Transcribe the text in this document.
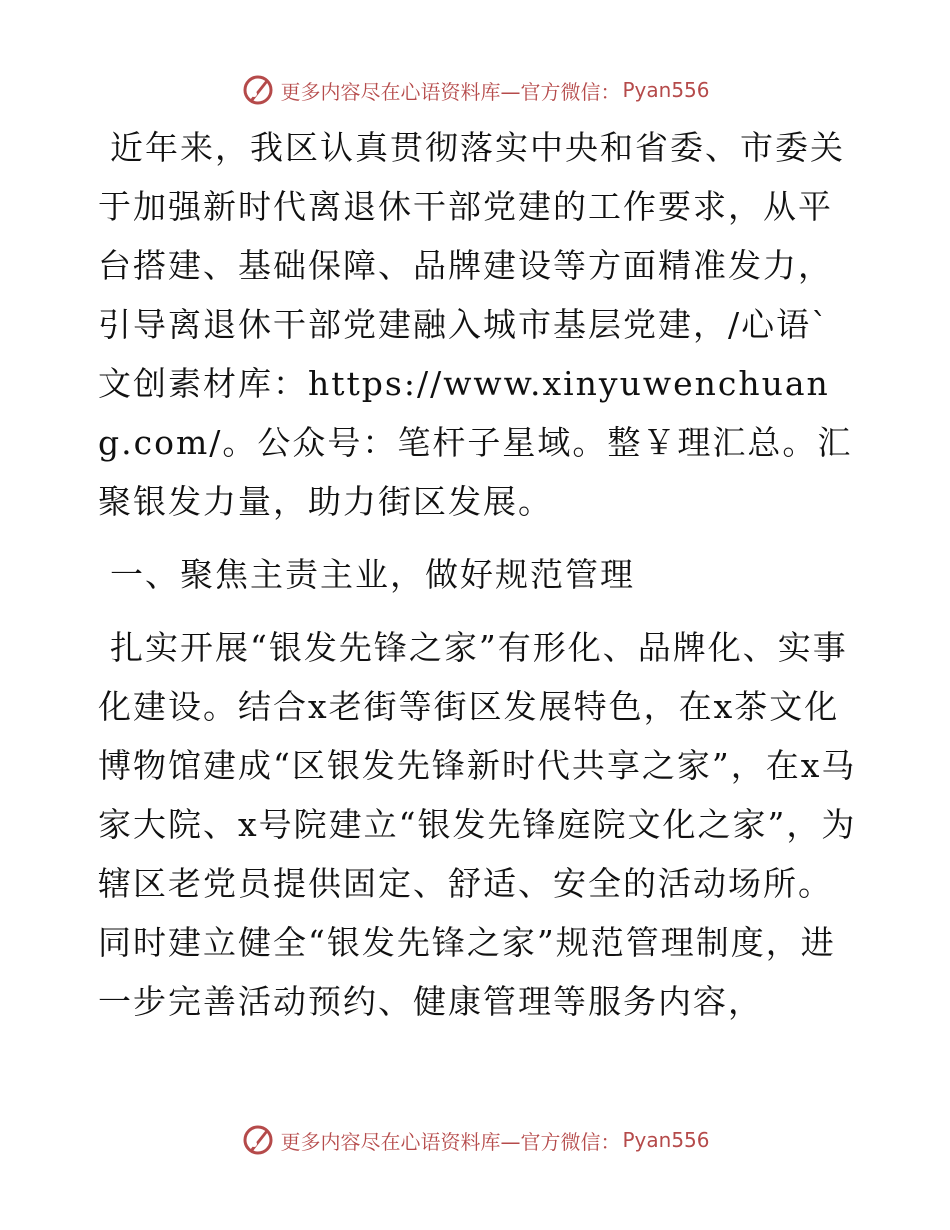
更多内容尽在心语资料库—官方微信： Pyan556

近年来，我区认真贯彻落实中央和省委、市委关于加强新时代离退休干部党建的工作要求，从平台搭建、基础保障、品牌建设等方面精准发力，引导离退休干部党建融入城市基层党建，/心语`文创素材库：https://www.xinyuwenchuang.com/。公众号：笔杆子星域。整￥理汇总。汇聚银发力量，助力街区发展。

一、聚焦主责主业，做好规范管理

扎实开展“银发先锋之家”有形化、品牌化、实事化建设。结合x老街等街区发展特色，在x茶文化博物馆建成“区银发先锋新时代共享之家”，在x马家大院、x号院建立“银发先锋庭院文化之家”，为辖区老党员提供固定、舒适、安全的活动场所。同时建立健全“银发先锋之家”规范管理制度，进一步完善活动预约、健康管理等服务内容，

更多内容尽在心语资料库—官方微信： Pyan556
